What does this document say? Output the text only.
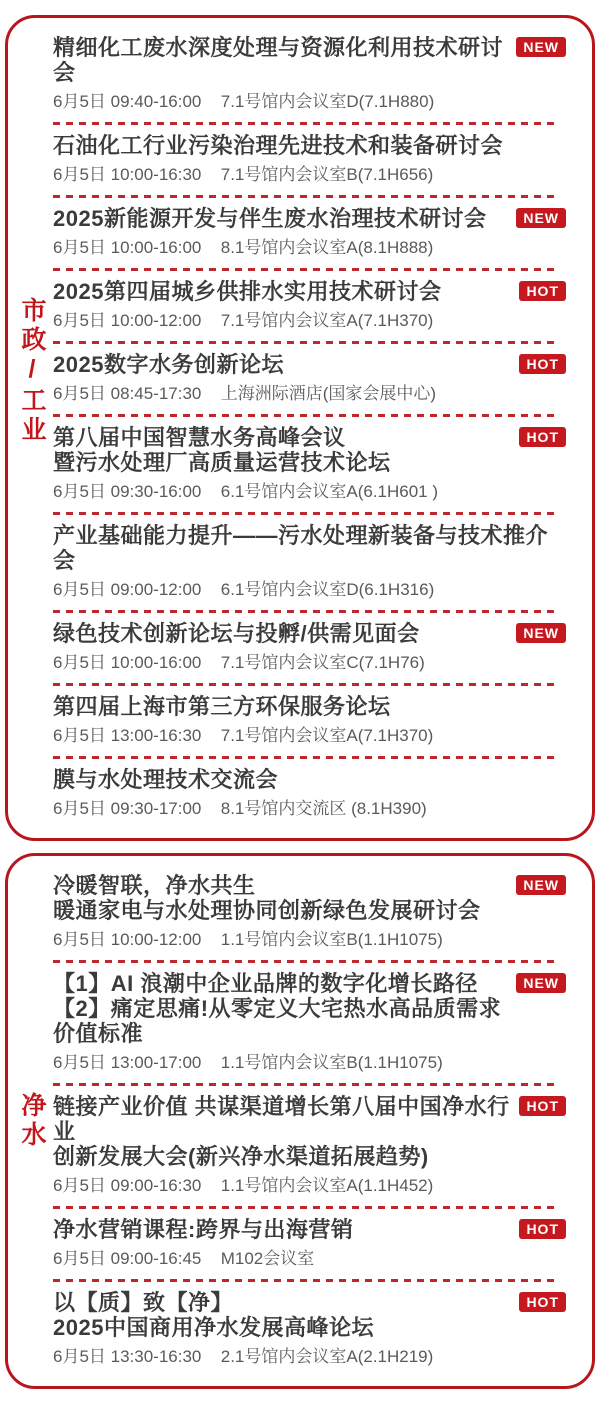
市政/工业
精细化工废水深度处理与资源化利用技术研讨会
NEW
6月5日 09:40-16:00 7.1号馆内会议室D(7.1H880)
石油化工行业污染治理先进技术和装备研讨会
6月5日 10:00-16:30 7.1号馆内会议室B(7.1H656)
2025新能源开发与伴生废水治理技术研讨会	NEW
6月5日 10:00-16:00 8.1号馆内会议室A(8.1H888)
2025第四届城乡供排水实用技术研讨会	HOT
6月5日 10:00-12:00 7.1号馆内会议室A(7.1H370)
2025数字水务创新论坛	HOT
6月5日 08:45-17:30 上海洲际酒店(国家会展中心)
第八届中国智慧水务高峰会议
暨污水处理厂高质量运营技术论坛
HOT
6月5日 09:30-16:00 6.1号馆内会议室A(6.1H601 )
产业基础能力提升——污水处理新装备与技术推介会
6月5日 09:00-12:00 6.1号馆内会议室D(6.1H316)
绿色技术创新论坛与投孵/供需见面会	NEW
6月5日 10:00-16:00 7.1号馆内会议室C(7.1H76)
第四届上海市第三方环保服务论坛
6月5日 13:00-16:30 7.1号馆内会议室A(7.1H370)
膜与水处理技术交流会
6月5日 09:30-17:00 8.1号馆内交流区 (8.1H390)
净水
冷暖智联，净水共生
暖通家电与水处理协同创新绿色发展研讨会
NEW
6月5日 10:00-12:00 1.1号馆内会议室B(1.1H1075)
【1】AI 浪潮中企业品牌的数字化增长路径
【2】痛定思痛!从零定义大宅热水高品质需求价值标准
NEW
6月5日 13:00-17:00 1.1号馆内会议室B(1.1H1075)
链接产业价值 共谋渠道增长第八届中国净水行业
创新发展大会(新兴净水渠道拓展趋势)
HOT
6月5日 09:00-16:30 1.1号馆内会议室A(1.1H452)
净水营销课程:跨界与出海营销	HOT
6月5日 09:00-16:45 M102会议室
以【质】致【净】
2025中国商用净水发展高峰论坛
HOT
6月5日 13:30-16:30 2.1号馆内会议室A(2.1H219)
